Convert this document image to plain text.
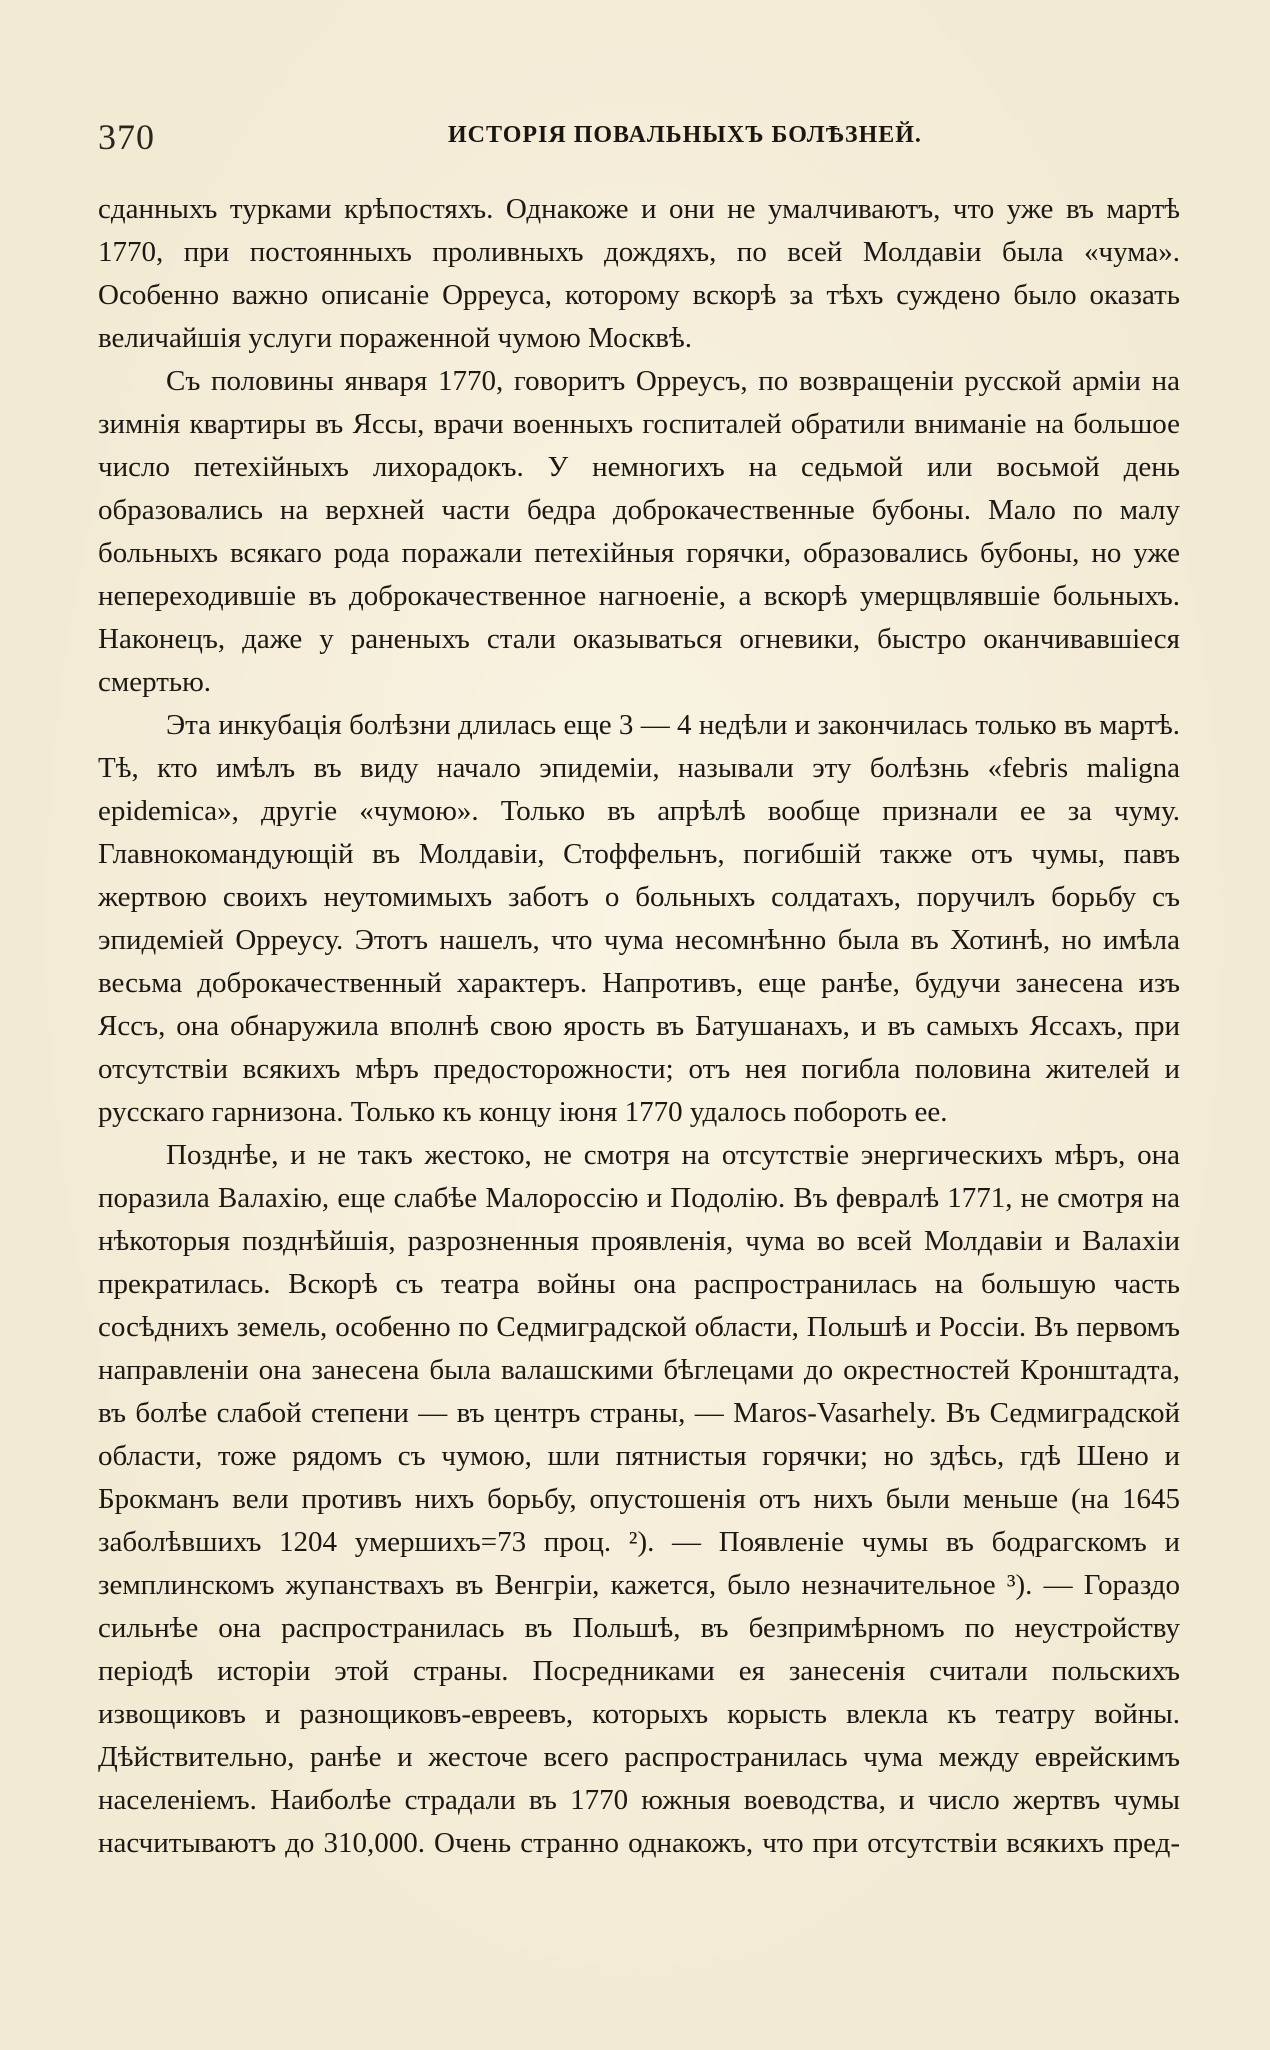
370	ИСТОРІЯ ПОВАЛЬНЫХЪ БОЛѢЗНЕЙ.

сданныхъ турками крѣпостяхъ. Однакоже и они не умалчиваютъ, что уже въ мартѣ 1770, при постоянныхъ проливныхъ дождяхъ, по всей Молдавіи была «чума». Особенно важно описаніе Орреуса, которому вскорѣ за тѣхъ суждено было оказать величайшія услуги пораженной чумою Москвѣ.

Съ половины января 1770, говоритъ Орреусъ, по возвращеніи русской арміи на зимнія квартиры въ Яссы, врачи военныхъ госпиталей обратили вниманіе на большое число петехійныхъ лихорадокъ. У немногихъ на седьмой или восьмой день образовались на верхней части бедра доброкачественные бубоны. Мало по малу больныхъ всякаго рода поражали петехійныя горячки, образовались бубоны, но уже непереходившіе въ доброкачественное нагноеніе, а вскорѣ умерщвлявшіе больныхъ. Наконецъ, даже у раненыхъ стали оказываться огневики, быстро оканчивавшіеся смертью.

Эта инкубація болѣзни длилась еще 3 — 4 недѣли и закончилась только въ мартѣ. Тѣ, кто имѣлъ въ виду начало эпидеміи, называли эту болѣзнь «febris maligna epidemica», другіе «чумою». Только въ апрѣлѣ вообще признали ее за чуму. Главнокомандующій въ Молдавіи, Стоффельнъ, погибшій также отъ чумы, павъ жертвою своихъ неутомимыхъ заботъ о больныхъ солдатахъ, поручилъ борьбу съ эпидеміей Орреусу. Этотъ нашелъ, что чума несомнѣнно была въ Хотинѣ, но имѣла весьма доброкачественный характеръ. Напротивъ, еще ранѣе, будучи занесена изъ Яссъ, она обнаружила вполнѣ свою ярость въ Батушанахъ, и въ самыхъ Яссахъ, при отсутствіи всякихъ мѣръ предосторожности; отъ нея погибла половина жителей и русскаго гарнизона. Только къ концу іюня 1770 удалось побороть ее.

Позднѣе, и не такъ жестоко, не смотря на отсутствіе энергическихъ мѣръ, она поразила Валахію, еще слабѣе Малороссію и Подолію. Въ февралѣ 1771, не смотря на нѣкоторыя позднѣйшія, разрозненныя проявленія, чума во всей Молдавіи и Валахіи прекратилась. Вскорѣ съ театра войны она распространилась на большую часть сосѣднихъ земель, особенно по Седмиградской области, Польшѣ и Россіи. Въ первомъ направленіи она занесена была валашскими бѣглецами до окрестностей Кронштадта, въ болѣе слабой степени — въ центръ страны, — Maros-Vasarhely. Въ Седмиградской области, тоже рядомъ съ чумою, шли пятнистыя горячки; но здѣсь, гдѣ Шено и Брокманъ вели противъ нихъ борьбу, опустошенія отъ нихъ были меньше (на 1645 заболѣвшихъ 1204 умершихъ=73 проц. ²). — Появленіе чумы въ бодрагскомъ и земплинскомъ жупанствахъ въ Венгріи, кажется, было незначительное ³). — Гораздо сильнѣе она распространилась въ Польшѣ, въ безпримѣрномъ по неустройству періодѣ исторіи этой страны. Посредниками ея занесенія считали польскихъ извощиковъ и разнощиковъ-евреевъ, которыхъ корысть влекла къ театру войны. Дѣйствительно, ранѣе и жесточе всего распространилась чума между еврейскимъ населеніемъ. Наиболѣе страдали въ 1770 южныя воеводства, и число жертвъ чумы насчитываютъ до 310,000. Очень странно однакожъ, что при отсутствіи всякихъ пред-
